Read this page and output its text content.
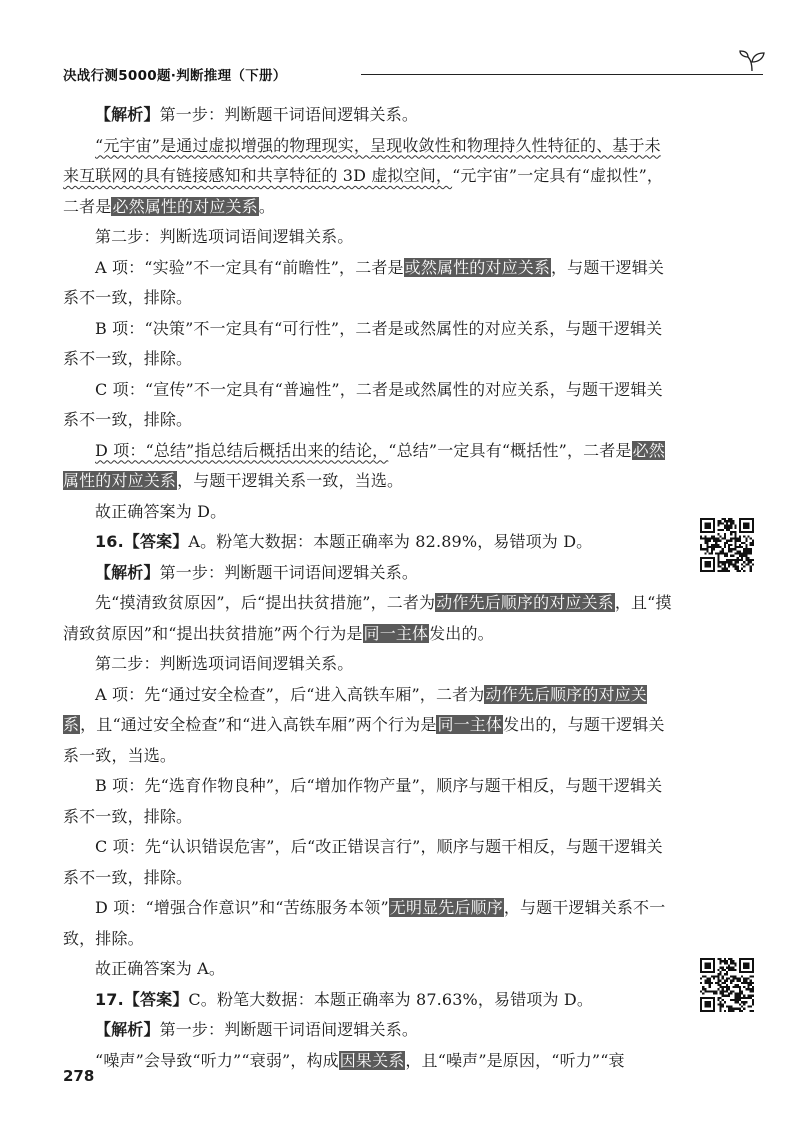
决战行测5000题·判断推理（下册）

【解析】第一步：判断题干词语间逻辑关系。

“元宇宙”是通过虚拟增强的物理现实，呈现收敛性和物理持久性特征的、基于未来互联网的具有链接感知和共享特征的 3D 虚拟空间，“元宇宙”一定具有“虚拟性”，二者是必然属性的对应关系。

第二步：判断选项词语间逻辑关系。

A 项：“实验”不一定具有“前瞻性”，二者是或然属性的对应关系，与题干逻辑关系不一致，排除。

B 项：“决策”不一定具有“可行性”，二者是或然属性的对应关系，与题干逻辑关系不一致，排除。

C 项：“宣传”不一定具有“普遍性”，二者是或然属性的对应关系，与题干逻辑关系不一致，排除。

D 项：“总结”指总结后概括出来的结论，“总结”一定具有“概括性”，二者是必然属性的对应关系，与题干逻辑关系一致，当选。

故正确答案为 D。

16.【答案】A。粉笔大数据：本题正确率为 82.89%，易错项为 D。

【解析】第一步：判断题干词语间逻辑关系。

先“摸清致贫原因”，后“提出扶贫措施”，二者为动作先后顺序的对应关系，且“摸清致贫原因”和“提出扶贫措施”两个行为是同一主体发出的。

第二步：判断选项词语间逻辑关系。

A 项：先“通过安全检查”，后“进入高铁车厢”，二者为动作先后顺序的对应关系，且“通过安全检查”和“进入高铁车厢”两个行为是同一主体发出的，与题干逻辑关系一致，当选。

B 项：先“选育作物良种”，后“增加作物产量”，顺序与题干相反，与题干逻辑关系不一致，排除。

C 项：先“认识错误危害”，后“改正错误言行”，顺序与题干相反，与题干逻辑关系不一致，排除。

D 项：“增强合作意识”和“苦练服务本领”无明显先后顺序，与题干逻辑关系不一致，排除。

故正确答案为 A。

17.【答案】C。粉笔大数据：本题正确率为 87.63%，易错项为 D。

【解析】第一步：判断题干词语间逻辑关系。

“噪声”会导致“听力”“衰弱”，构成因果关系，且“噪声”是原因，“听力”“衰

278
